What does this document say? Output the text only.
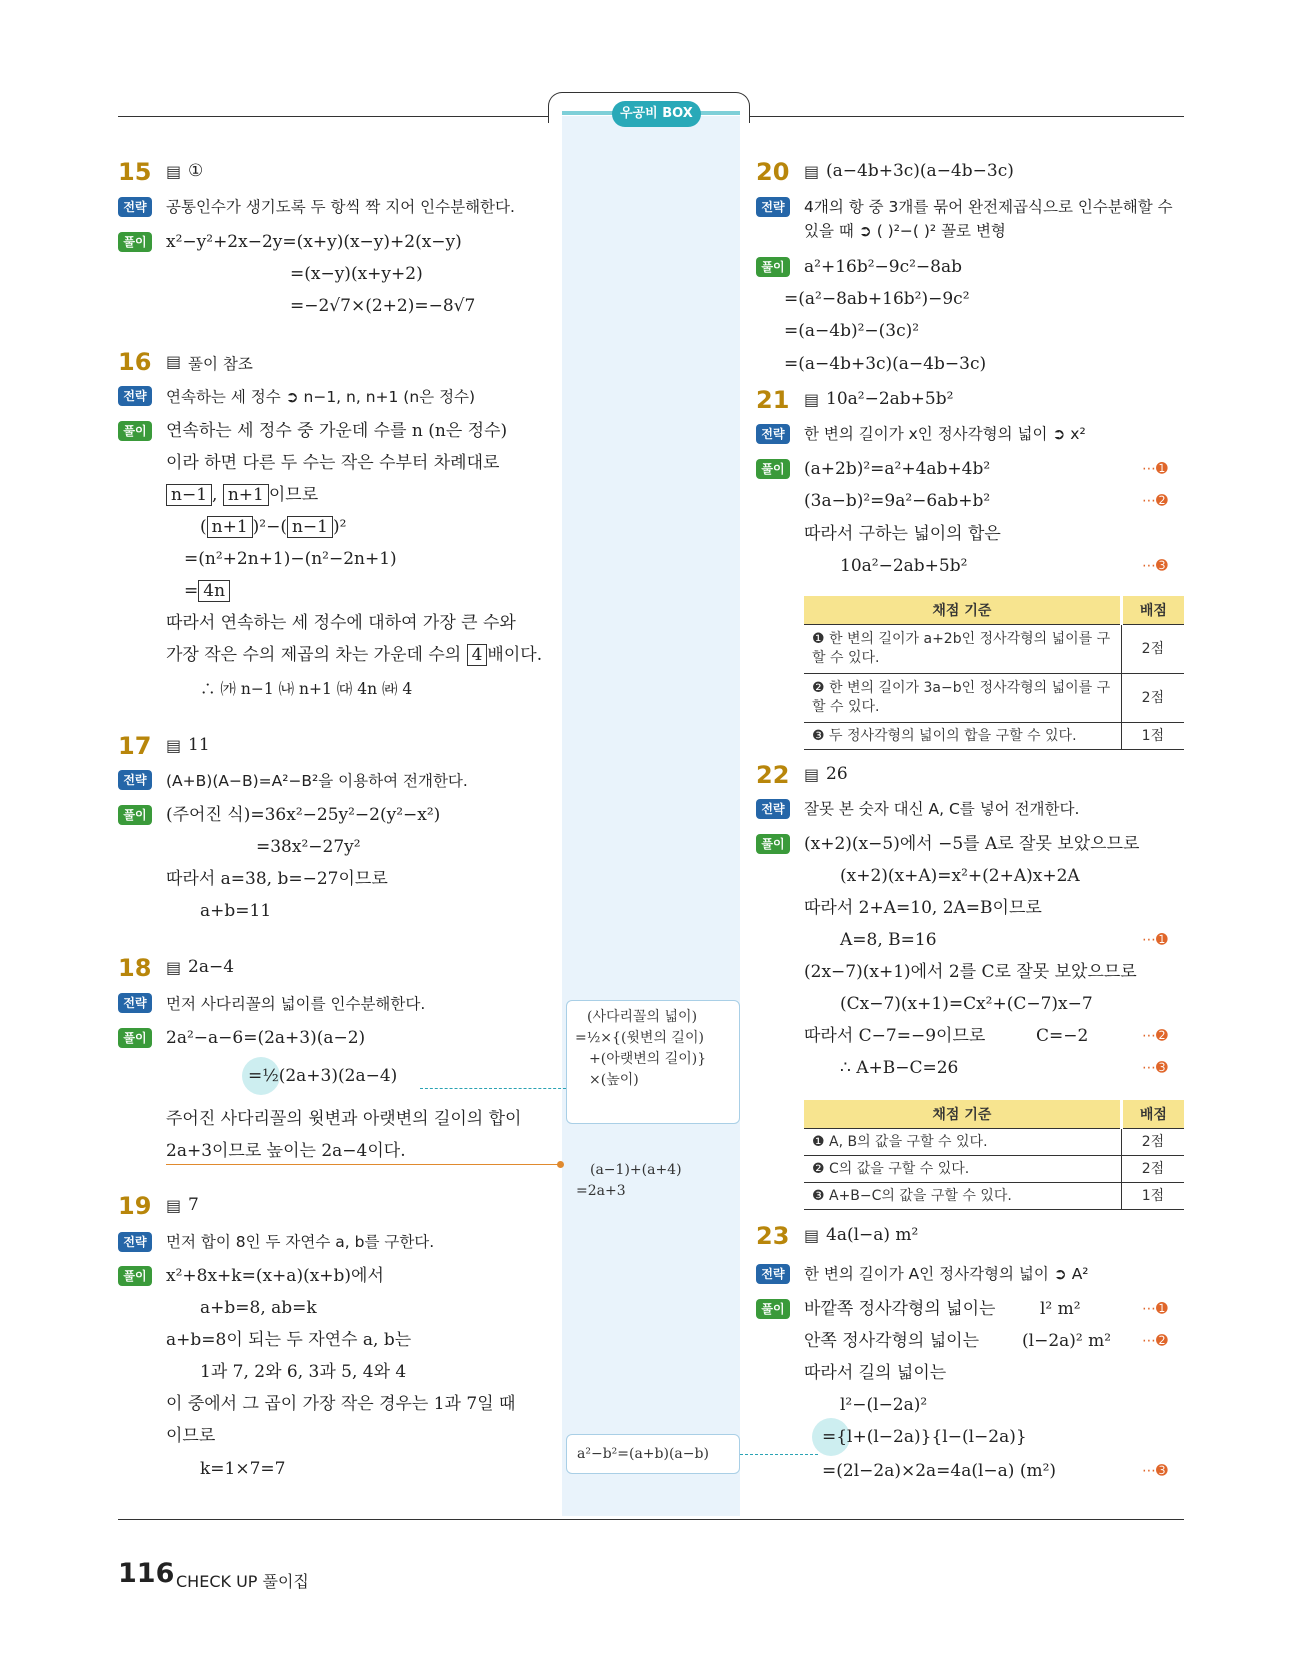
우공비 BOX
15 ▤ ①
전략	공통인수가 생기도록 두 항씩 짝 지어 인수분해한다.
풀이	x²−y²+2x−2y=(x+y)(x−y)+2(x−y)
=(x−y)(x+y+2)
=−2√7×(2+2)=−8√7
16 ▤ 풀이 참조
전략	연속하는 세 정수 ➲ n−1, n, n+1 (n은 정수)
풀이	연속하는 세 정수 중 가운데 수를 n (n은 정수)
이라 하면 다른 두 수는 작은 수부터 차례대로
n−1 , n+1 이므로
( n+1 )²−( n−1 )²
=(n²+2n+1)−(n²−2n+1)
= 4n
따라서 연속하는 세 정수에 대하여 가장 큰 수와
가장 작은 수의 제곱의 차는 가운데 수의 4 배이다.
∴ ㈎ n−1 ㈏ n+1 ㈐ 4n ㈑ 4
17 ▤ 11
전략	(A+B)(A−B)=A²−B²을 이용하여 전개한다.
풀이	(주어진 식)=36x²−25y²−2(y²−x²)
=38x²−27y²
따라서 a=38, b=−27이므로
a+b=11
18 ▤ 2a−4
전략	먼저 사다리꼴의 넓이를 인수분해한다.
풀이	2a²−a−6=(2a+3)(a−2)
=½(2a+3)(2a−4)
주어진 사다리꼴의 윗변과 아랫변의 길이의 합이
2a+3이므로 높이는 2a−4이다.
19 ▤ 7
전략	먼저 합이 8인 두 자연수 a, b를 구한다.
풀이	x²+8x+k=(x+a)(x+b)에서
a+b=8, ab=k
a+b=8이 되는 두 자연수 a, b는
1과 7, 2와 6, 3과 5, 4와 4
이 중에서 그 곱이 가장 작은 경우는 1과 7일 때
이므로
k=1×7=7
(사다리꼴의 넓이)
=½×{(윗변의 길이)
+(아랫변의 길이)}
×(높이)
(a−1)+(a+4)
=2a+3
a²−b²=(a+b)(a−b)
20 ▤ (a−4b+3c)(a−4b−3c)
전략	4개의 항 중 3개를 묶어 완전제곱식으로 인수분해할 수
있을 때 ➲ ( )²−( )² 꼴로 변형
풀이	a²+16b²−9c²−8ab
=(a²−8ab+16b²)−9c²
=(a−4b)²−(3c)²
=(a−4b+3c)(a−4b−3c)
21 ▤ 10a²−2ab+5b²
전략	한 변의 길이가 x인 정사각형의 넓이 ➲ x²
풀이	(a+2b)²=a²+4ab+4b²	⋯➊
(3a−b)²=9a²−6ab+b²	⋯➋
따라서 구하는 넓이의 합은
10a²−2ab+5b²	⋯➌
채점 기준	배점
❶ 한 변의 길이가 a+2b인 정사각형의 넓이를 구할 수 있다.	2점
❷ 한 변의 길이가 3a−b인 정사각형의 넓이를 구할 수 있다.	2점
❸ 두 정사각형의 넓이의 합을 구할 수 있다.	1점
22 ▤ 26
전략	잘못 본 숫자 대신 A, C를 넣어 전개한다.
풀이	(x+2)(x−5)에서 −5를 A로 잘못 보았으므로
(x+2)(x+A)=x²+(2+A)x+2A
따라서 2+A=10, 2A=B이므로
A=8, B=16	⋯➊
(2x−7)(x+1)에서 2를 C로 잘못 보았으므로
(Cx−7)(x+1)=Cx²+(C−7)x−7
따라서 C−7=−9이므로	C=−2	⋯➋
∴ A+B−C=26	⋯➌
채점 기준	배점
❶ A, B의 값을 구할 수 있다.	2점
❷ C의 값을 구할 수 있다.	2점
❸ A+B−C의 값을 구할 수 있다.	1점
23 ▤ 4a(l−a) m²
전략	한 변의 길이가 A인 정사각형의 넓이 ➲ A²
풀이	바깥쪽 정사각형의 넓이는	l² m²	⋯➊
안쪽 정사각형의 넓이는	(l−2a)² m² ⋯➋
따라서 길의 넓이는
l²−(l−2a)²
={l+(l−2a)}{l−(l−2a)}
=(2l−2a)×2a=4a(l−a) (m²)	⋯➌
116 CHECK UP 풀이집
